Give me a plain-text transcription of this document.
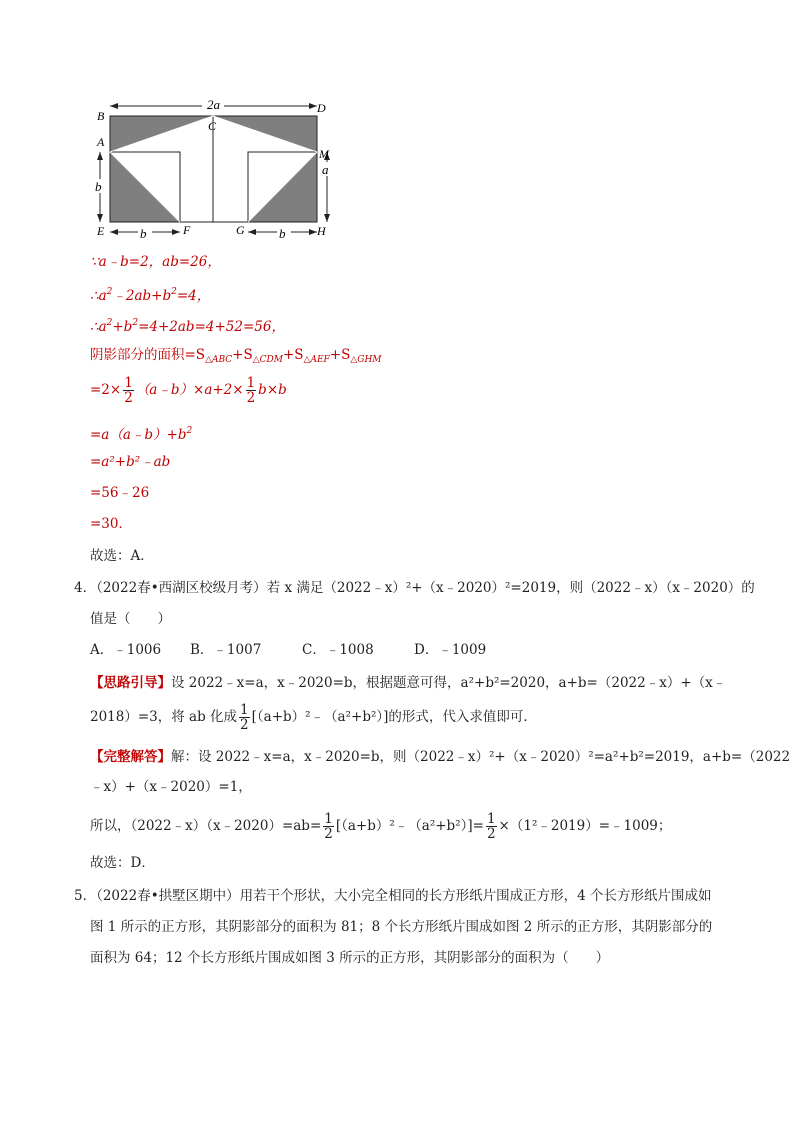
2a
b
a
b	b
B
C
D
A
M
E	F	G	H
∵a﹣b=2，ab=26，
$\therefore a^2﹣2ab+b^2=4$，
$\therefore a^2+b^2=4+2ab=4+52=56$，
阴影部分的面积$=S_{\triangle ABC}+S_{\triangle CDM}+S_{\triangle AEF}+S_{\triangle GHM}$
$=2\times \frac{1}{2}$ （a﹣b）×a+2× $\frac{1}{2} b\times b$
$=a(a﹣b)+b^2$
=a²+b²﹣ab
=56﹣26
=30．
故选：A．
4．（2022春•西湖区校级月考）若 x 满足（2022﹣x）²+（x﹣2020）²=2019，则（2022﹣x）（x﹣2020）的
值是（　　）
A．﹣1006 B．﹣1007	C．﹣1008	D．﹣1009
【思路引导】设 2022﹣x=a，x﹣2020=b，根据题意可得，a²+b²=2020，a+b=（2022﹣x）+（x﹣
2018）=3，将 ab 化成 $\frac{1}{2}$ [（a+b）²﹣（a²+b²）]的形式，代入求值即可．
【完整解答】解：设 2022﹣x=a，x﹣2020=b，则（2022﹣x）²+（x﹣2020）²=a²+b²=2019，a+b=（2022
﹣x）+（x﹣2020）=1，
所以，（2022﹣x）（x﹣2020）=ab= $\frac{1}{2}$ [（a+b）²﹣（a²+b²）]= $\frac{1}{2}$ ×（1²﹣2019）=﹣1009；
故选：D．
5．（2022春•拱墅区期中）用若干个形状，大小完全相同的长方形纸片围成正方形，4 个长方形纸片围成如
图 1 所示的正方形，其阴影部分的面积为 81；8 个长方形纸片围成如图 2 所示的正方形，其阴影部分的
面积为 64；12 个长方形纸片围成如图 3 所示的正方形，其阴影部分的面积为（　　）
